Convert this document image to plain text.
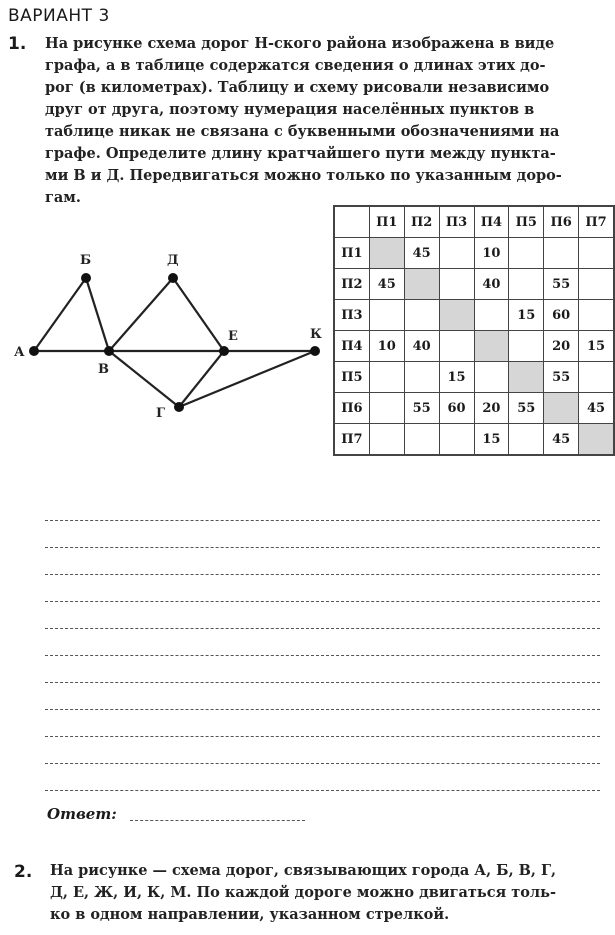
ВАРИАНТ 3
1. На рисунке схема дорог Н-ского района изображена в виде
графа, а в таблице содержатся сведения о длинах этих до-
рог (в километрах). Таблицу и схему рисовали независимо
друг от друга, поэтому нумерация населённых пунктов в
таблице никак не связана с буквенными обозначениями на
графе. Определите длину кратчайшего пути между пункта-
ми В и Д. Передвигаться можно только по указанным доро-
гам.
А
Б
В
Д
Е	К
Г
	П1	П2	П3	П4	П5	П6	П7
П1		45		10			
П2	45			40		55	
П3					15	60	
П4	10	40				20	15
П5			15			55	
П6		55	60	20	55		45
П7				15		45	
Ответ:
2. На рисунке — схема дорог, связывающих города А, Б, В, Г,
Д, Е, Ж, И, К, М. По каждой дороге можно двигаться толь-
ко в одном направлении, указанном стрелкой.
